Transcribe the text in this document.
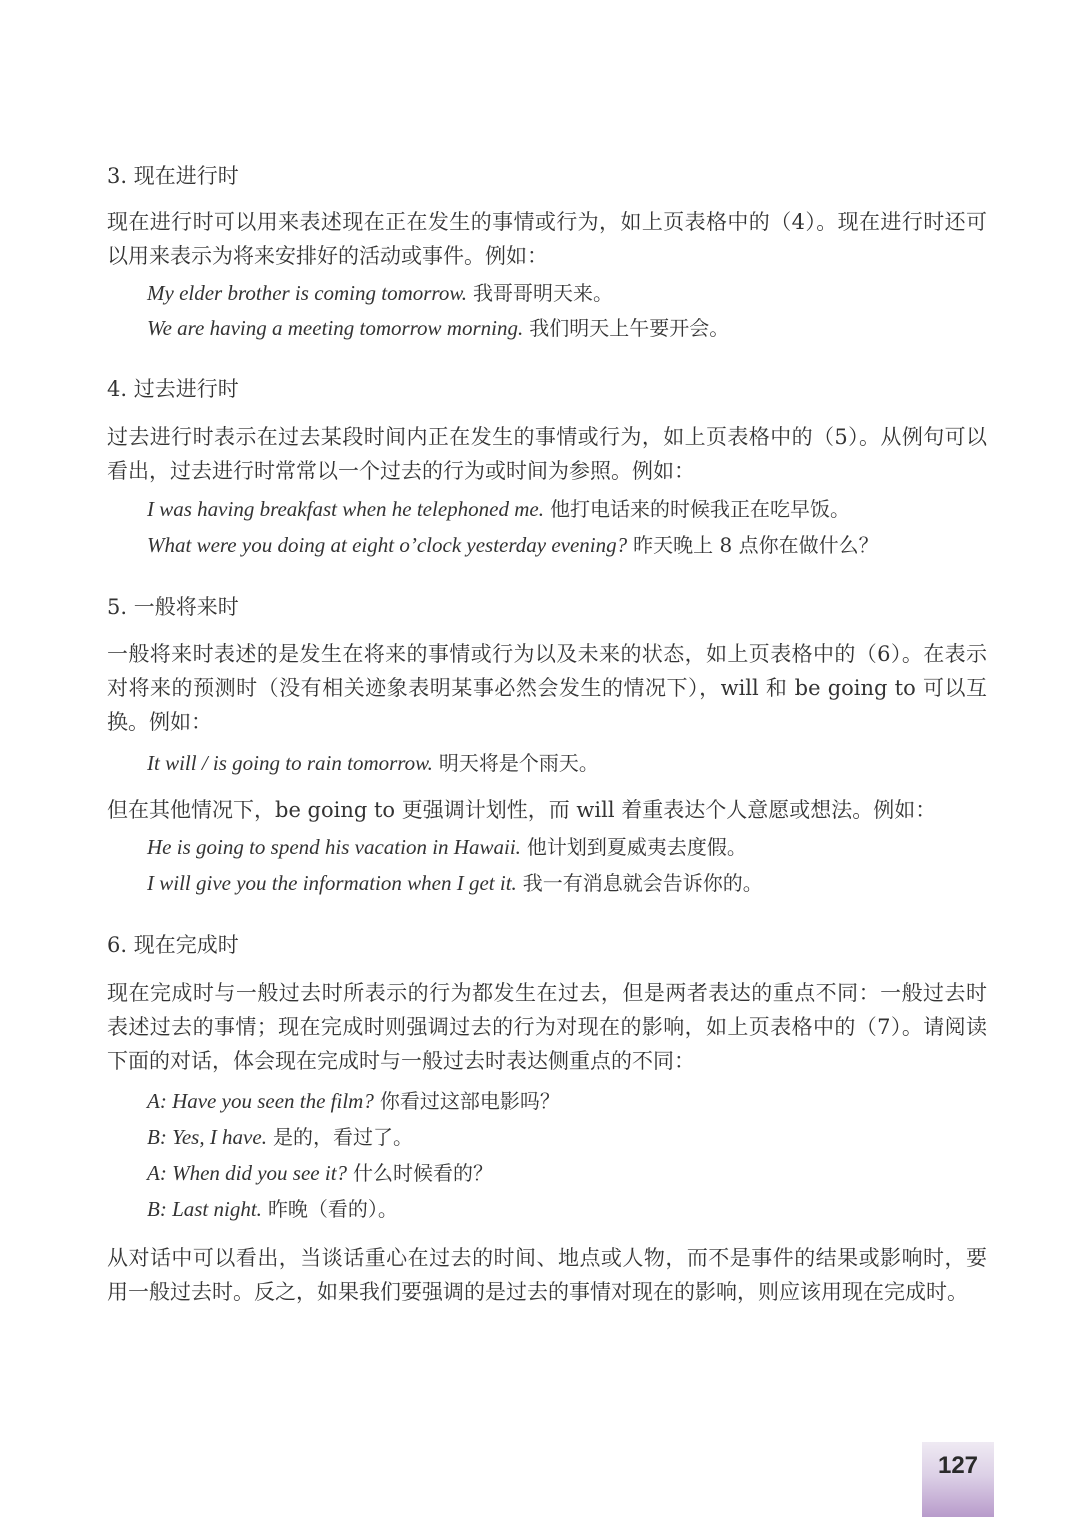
3. 现在进行时
现在进行时可以用来表述现在正在发生的事情或行为，如上页表格中的（4）。现在进行时还可以用来表示为将来安排好的活动或事件。例如：
My elder brother is coming tomorrow. 我哥哥明天来。
We are having a meeting tomorrow morning. 我们明天上午要开会。
4. 过去进行时
过去进行时表示在过去某段时间内正在发生的事情或行为，如上页表格中的（5）。从例句可以看出，过去进行时常常以一个过去的行为或时间为参照。例如：
I was having breakfast when he telephoned me. 他打电话来的时候我正在吃早饭。
What were you doing at eight o’clock yesterday evening? 昨天晚上 8 点你在做什么？
5. 一般将来时
一般将来时表述的是发生在将来的事情或行为以及未来的状态，如上页表格中的（6）。在表示对将来的预测时（没有相关迹象表明某事必然会发生的情况下），will 和 be going to 可以互换。例如：
It will / is going to rain tomorrow. 明天将是个雨天。
但在其他情况下，be going to 更强调计划性，而 will 着重表达个人意愿或想法。例如：
He is going to spend his vacation in Hawaii. 他计划到夏威夷去度假。
I will give you the information when I get it. 我一有消息就会告诉你的。
6. 现在完成时
现在完成时与一般过去时所表示的行为都发生在过去，但是两者表达的重点不同：一般过去时表述过去的事情；现在完成时则强调过去的行为对现在的影响，如上页表格中的（7）。请阅读下面的对话，体会现在完成时与一般过去时表达侧重点的不同：
A: Have you seen the film? 你看过这部电影吗？
B: Yes, I have. 是的，看过了。
A: When did you see it? 什么时候看的？
B: Last night. 昨晚（看的）。
从对话中可以看出，当谈话重心在过去的时间、地点或人物，而不是事件的结果或影响时，要用一般过去时。反之，如果我们要强调的是过去的事情对现在的影响，则应该用现在完成时。
127
